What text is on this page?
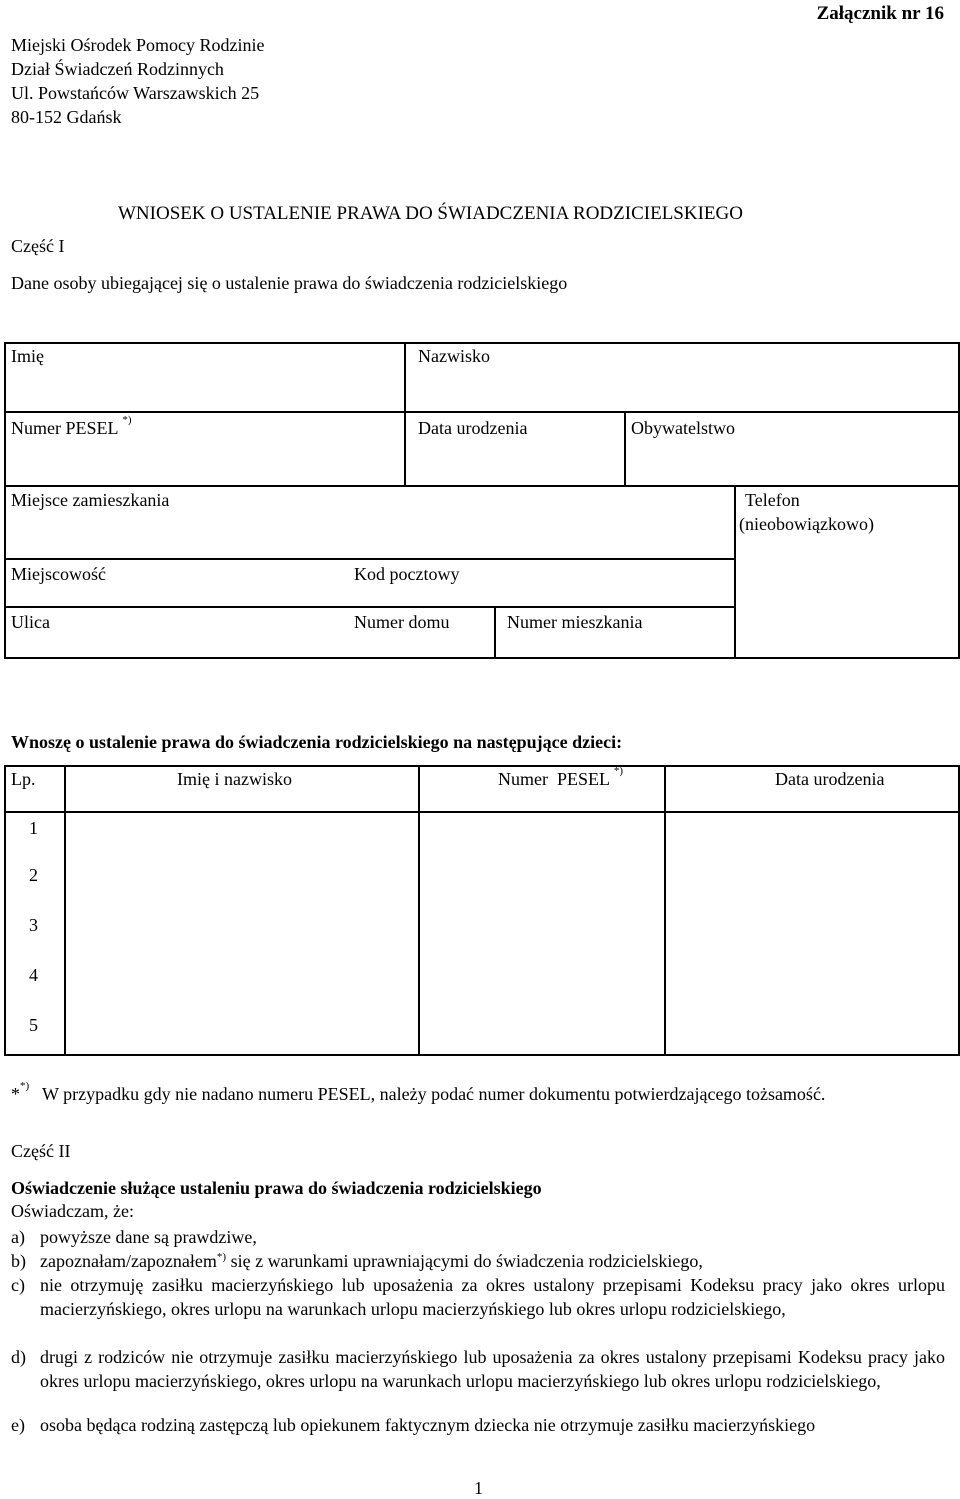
Miejski Ośrodek Pomocy Rodzinie
Dział Świadczeń Rodzinnych
Ul. Powstańców Warszawskich 25
80-152 Gdańsk
Załącznik nr 16
WNIOSEK O USTALENIE PRAWA DO ŚWIADCZENIA RODZICIELSKIEGO
Część I
Dane osoby ubiegającej się o ustalenie prawa do świadczenia rodzicielskiego
Imię	Nazwisko
Numer PESEL *)	Data urodzenia	Obywatelstwo
Miejsce zamieszkania	Telefon
(nieobowiązkowo)
Miejscowość	Kod pocztowy
Ulica	Numer domu	Numer mieszkania
Wnoszę o ustalenie prawa do świadczenia rodzicielskiego na następujące dzieci:
Lp.	Imię i nazwisko	Numer  PESEL *)	Data urodzenia
1
2
3
4
5
**) W przypadku gdy nie nadano numeru PESEL, należy podać numer dokumentu potwierdzającego tożsamość.
Część II
Oświadczenie służące ustaleniu prawa do świadczenia rodzicielskiego
Oświadczam, że:
a) powyższe dane są prawdziwe,
b) zapoznałam/zapoznałem*) się z warunkami uprawniającymi do świadczenia rodzicielskiego,
c) nie otrzymuję zasiłku macierzyńskiego lub uposażenia za okres ustalony przepisami Kodeksu pracy jako okres urlopu macierzyńskiego, okres urlopu na warunkach urlopu macierzyńskiego lub okres urlopu rodzicielskiego,
d) drugi z rodziców nie otrzymuje zasiłku macierzyńskiego lub uposażenia za okres ustalony przepisami Kodeksu pracy jako okres urlopu macierzyńskiego, okres urlopu na warunkach urlopu macierzyńskiego lub okres urlopu rodzicielskiego,
e) osoba będąca rodziną zastępczą lub opiekunem faktycznym dziecka nie otrzymuje zasiłku macierzyńskiego
1
